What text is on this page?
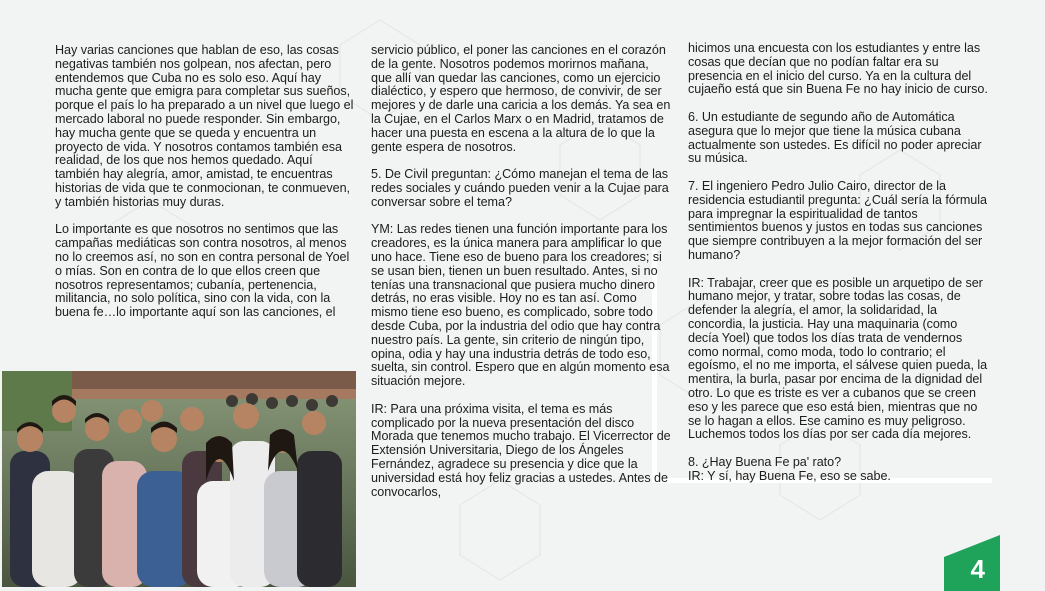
Hay varias canciones que hablan de eso, las cosas negativas también nos golpean, nos afectan, pero entendemos que Cuba no es solo eso. Aquí hay mucha gente que emigra para completar sus sueños, porque el país lo ha preparado a un nivel que luego el mercado laboral no puede responder. Sin embargo, hay mucha gente que se queda y encuentra un proyecto de vida. Y nosotros contamos también esa realidad, de los que nos hemos quedado. Aquí también hay alegría, amor, amistad, te encuentras historias de vida que te conmocionan, te conmueven, y también historias muy duras.

Lo importante es que nosotros no sentimos que las campañas mediáticas son contra nosotros, al menos no lo creemos así, no son en contra personal de Yoel o mías. Son en contra de lo que ellos creen que nosotros representamos; cubanía, pertenencia, militancia, no solo política, sino con la vida, con la buena fe…lo importante aquí son las canciones, el

servicio público, el poner las canciones en el corazón de la gente. Nosotros podemos morirnos mañana, que allí van quedar las canciones, como un ejercicio dialéctico, y espero que hermoso, de convivir, de ser mejores y de darle una caricia a los demás. Ya sea en la Cujae, en el Carlos Marx o en Madrid, tratamos de hacer una puesta en escena a la altura de lo que la gente espera de nosotros.

5. De Civil preguntan: ¿Cómo manejan el tema de las redes sociales y cuándo pueden venir a la Cujae para conversar sobre el tema?

YM: Las redes tienen una función importante para los creadores, es la única manera para amplificar lo que uno hace. Tiene eso de bueno para los creadores; si se usan bien, tienen un buen resultado. Antes, si no tenías una transnacional que pusiera mucho dinero detrás, no eras visible. Hoy no es tan así. Como mismo tiene eso bueno, es complicado, sobre todo desde Cuba, por la industria del odio que hay contra nuestro país. La gente, sin criterio de ningún tipo, opina, odia y hay una industria detrás de todo eso, suelta, sin control. Espero que en algún momento esa situación mejore.

IR: Para una próxima visita, el tema es más complicado por la nueva presentación del disco Morada que tenemos mucho trabajo. El Vicerrector de Extensión Universitaria, Diego de los Ángeles Fernández, agradece su presencia y dice que la universidad está hoy feliz gracias a ustedes. Antes de convocarlos,

hicimos una encuesta con los estudiantes y entre las cosas que decían que no podían faltar era su presencia en el inicio del curso. Ya en la cultura del cujaeño está que sin Buena Fe no hay inicio de curso.

6. Un estudiante de segundo año de Automática asegura que lo mejor que tiene la música cubana actualmente son ustedes. Es difícil no poder apreciar su música.

7. El ingeniero Pedro Julio Cairo, director de la residencia estudiantil pregunta: ¿Cuál sería la fórmula para impregnar la espiritualidad de tantos sentimientos buenos y justos en todas sus canciones que siempre contribuyen a la mejor formación del ser humano?

IR: Trabajar, creer que es posible un arquetipo de ser humano mejor, y tratar, sobre todas las cosas, de defender la alegría, el amor, la solidaridad, la concordia, la justicia. Hay una maquinaria (como decía Yoel) que todos los días trata de vendernos como normal, como moda, todo lo contrario; el egoísmo, el no me importa, el sálvese quien pueda, la mentira, la burla, pasar por encima de la dignidad del otro. Lo que es triste es ver a cubanos que se creen eso y les parece que eso está bien, mientras que no se lo hagan a ellos. Ese camino es muy peligroso. Luchemos todos los días por ser cada día mejores.

8. ¿Hay Buena Fe pa' rato?
IR: Y sí, hay Buena Fe, eso se sabe.

4
